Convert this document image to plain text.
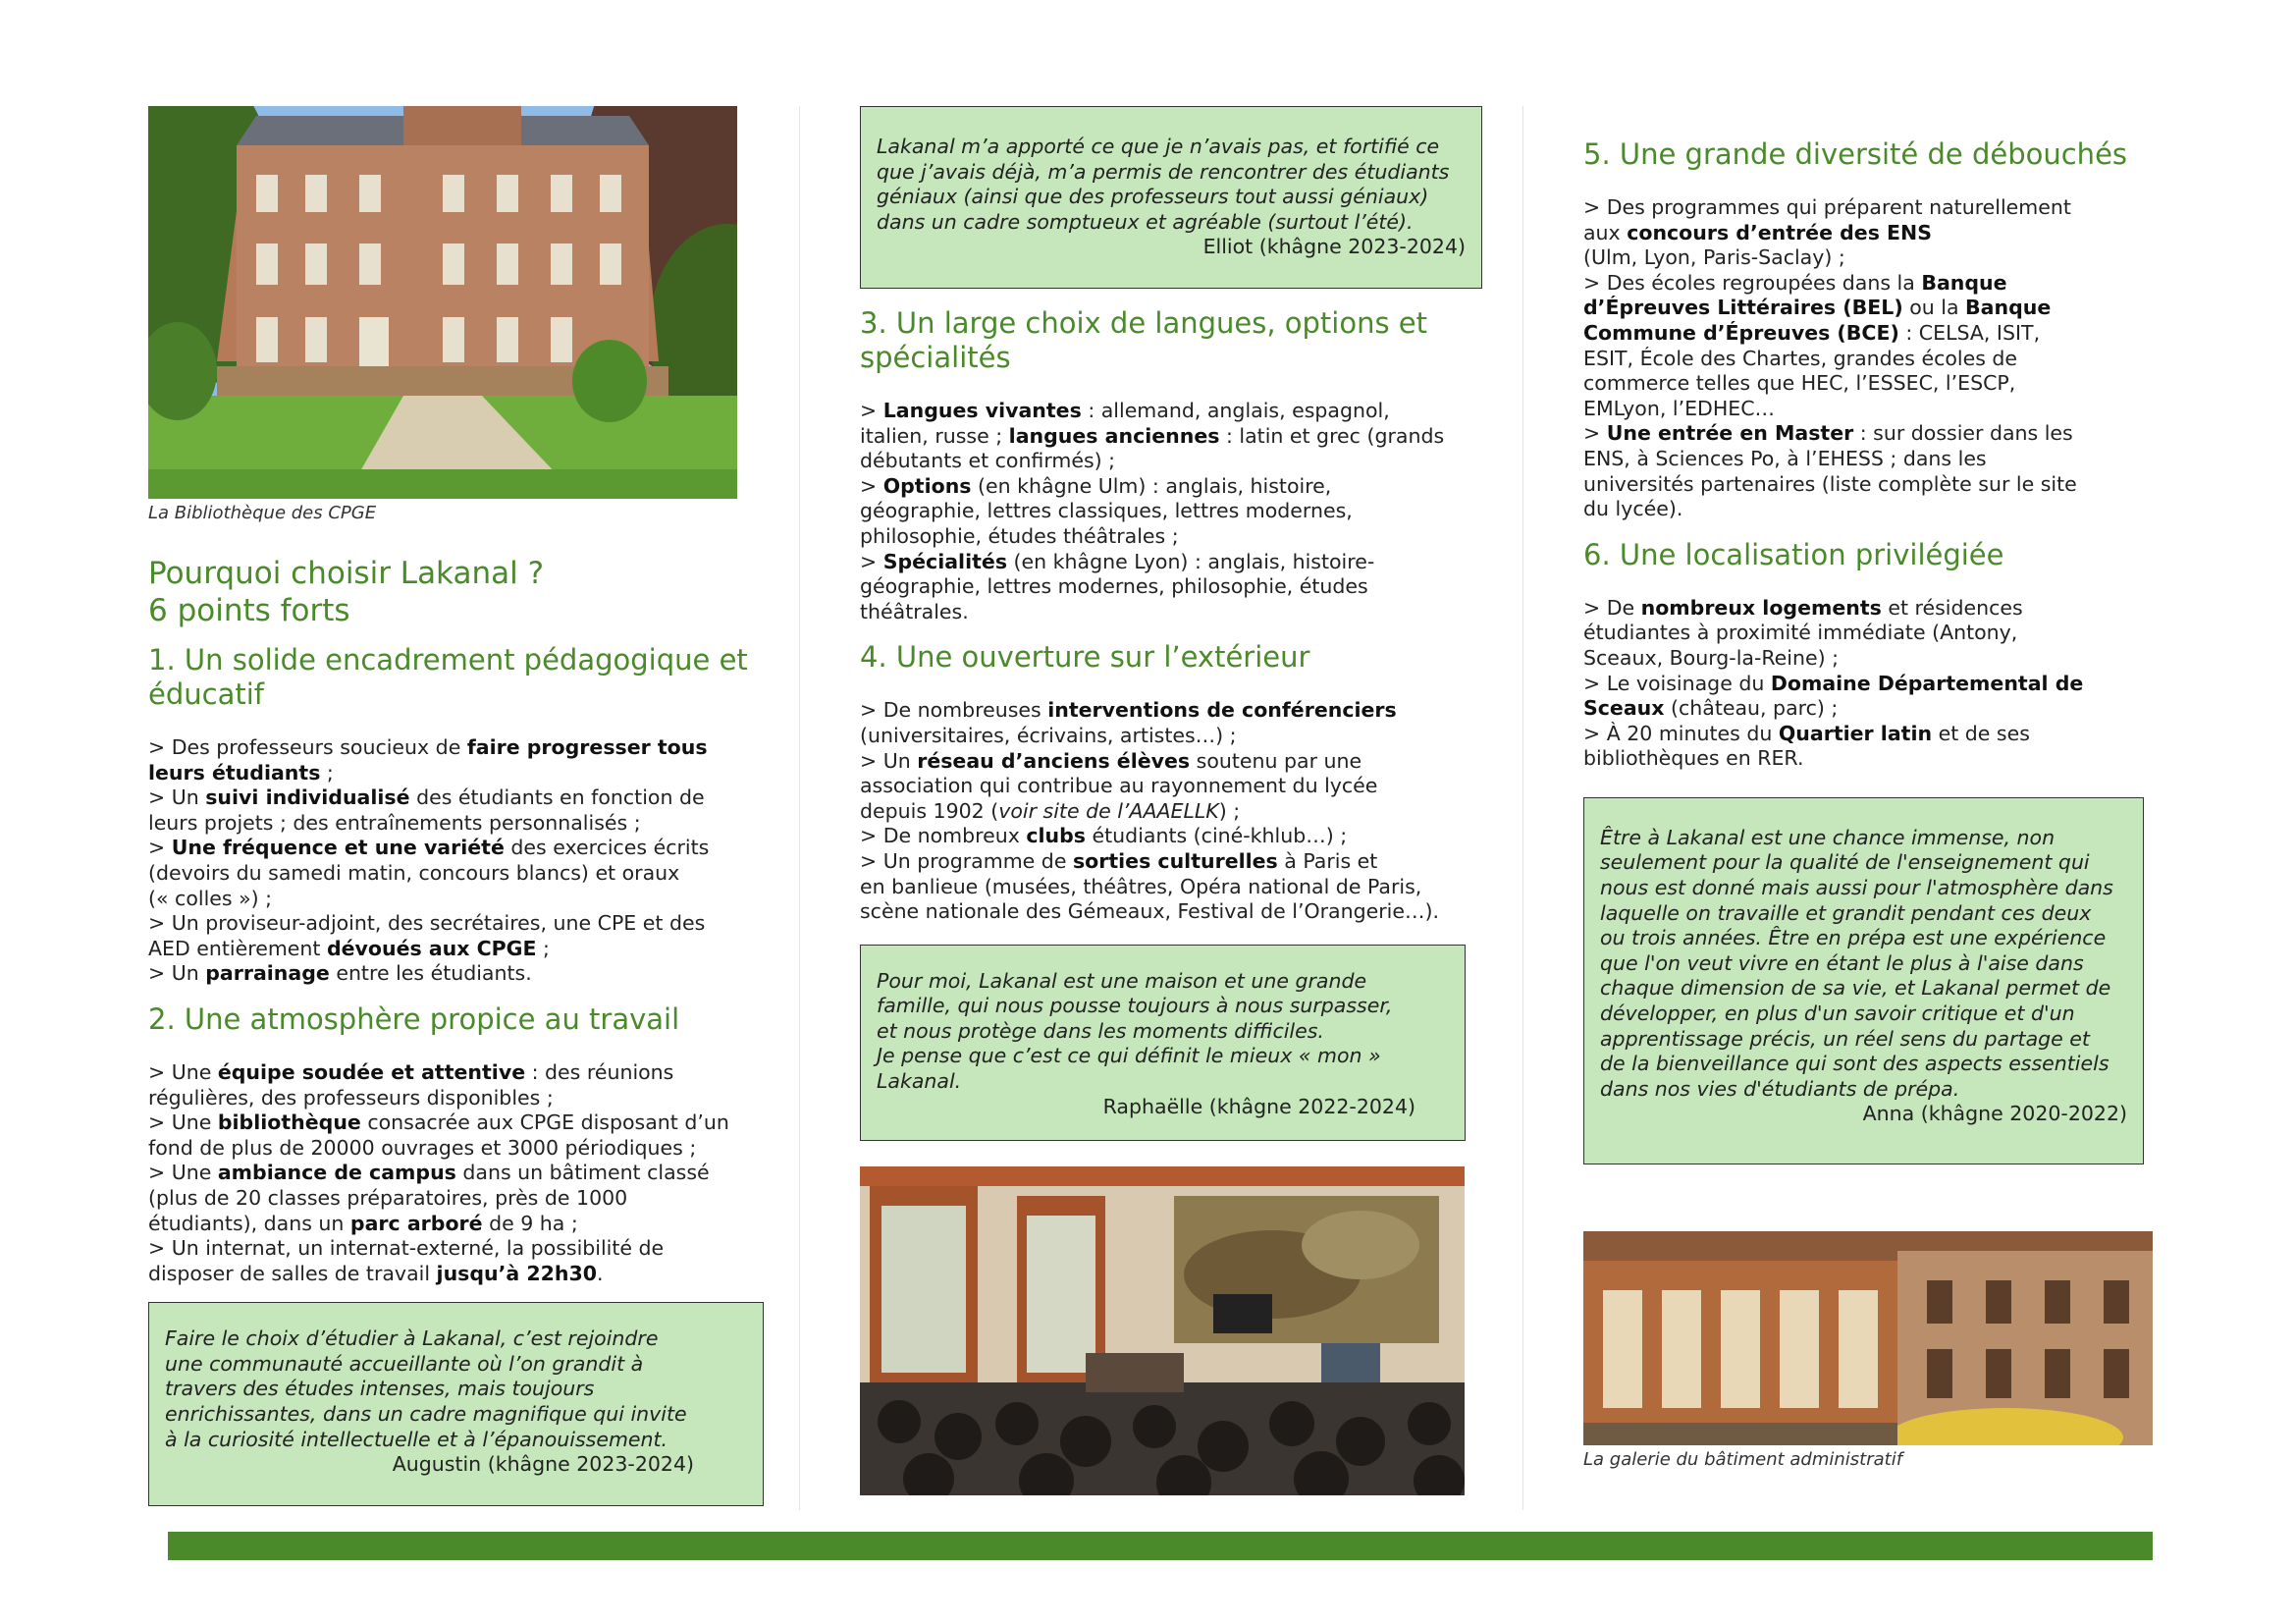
La Bibliothèque des CPGE

Pourquoi choisir Lakanal ?
6 points forts
1. Un solide encadrement pédagogique et
éducatif
> Des professeurs soucieux de faire progresser tous
leurs étudiants ;
> Un suivi individualisé des étudiants en fonction de
leurs projets ; des entraînements personnalisés ;
> Une fréquence et une variété des exercices écrits
(devoirs du samedi matin, concours blancs) et oraux
(« colles ») ;
> Un proviseur-adjoint, des secrétaires, une CPE et des
AED entièrement dévoués aux CPGE ;
> Un parrainage entre les étudiants.
2. Une atmosphère propice au travail
> Une équipe soudée et attentive : des réunions
régulières, des professeurs disponibles ;
> Une bibliothèque consacrée aux CPGE disposant d’un
fond de plus de 20000 ouvrages et 3000 périodiques ;
> Une ambiance de campus dans un bâtiment classé
(plus de 20 classes préparatoires, près de 1000
étudiants), dans un parc arboré de 9 ha ;
> Un internat, un internat-externé, la possibilité de
disposer de salles de travail jusqu’à 22h30.

Faire le choix d’étudier à Lakanal, c’est rejoindre
une communauté accueillante où l’on grandit à
travers des études intenses, mais toujours
enrichissantes, dans un cadre magnifique qui invite
à la curiosité intellectuelle et à l’épanouissement.

Augustin (khâgne 2023-2024)

Lakanal m’a apporté ce que je n’avais pas, et fortifié ce
que j’avais déjà, m’a permis de rencontrer des étudiants
géniaux (ainsi que des professeurs tout aussi géniaux)
dans un cadre somptueux et agréable (surtout l’été).

Elliot (khâgne 2023-2024)

3. Un large choix de langues, options et
spécialités
> Langues vivantes : allemand, anglais, espagnol,
italien, russe ; langues anciennes : latin et grec (grands
débutants et confirmés) ;
> Options (en khâgne Ulm) : anglais, histoire,
géographie, lettres classiques, lettres modernes,
philosophie, études théâtrales ;
> Spécialités (en khâgne Lyon) : anglais, histoire-
géographie, lettres modernes, philosophie, études
théâtrales.
4. Une ouverture sur l’extérieur
> De nombreuses interventions de conférenciers
(universitaires, écrivains, artistes…) ;
> Un réseau d’anciens élèves soutenu par une
association qui contribue au rayonnement du lycée
depuis 1902 (voir site de l’AAAELLK) ;
> De nombreux clubs étudiants (ciné-khlub…) ;
> Un programme de sorties culturelles à Paris et
en banlieue (musées, théâtres, Opéra national de Paris,
scène nationale des Gémeaux, Festival de l’Orangerie…).

Pour moi, Lakanal est une maison et une grande
famille, qui nous pousse toujours à nous surpasser,
et nous protège dans les moments difficiles.
Je pense que c’est ce qui définit le mieux « mon »
Lakanal.

Raphaëlle (khâgne 2022-2024)

5. Une grande diversité de débouchés
> Des programmes qui préparent naturellement
aux concours d’entrée des ENS
(Ulm, Lyon, Paris-Saclay) ;
> Des écoles regroupées dans la Banque
d’Épreuves Littéraires (BEL) ou la Banque
Commune d’Épreuves (BCE) : CELSA, ISIT,
ESIT, École des Chartes, grandes écoles de
commerce telles que HEC, l’ESSEC, l’ESCP,
EMLyon, l’EDHEC…
> Une entrée en Master : sur dossier dans les
ENS, à Sciences Po, à l’EHESS ; dans les
universités partenaires (liste complète sur le site
du lycée).
6. Une localisation privilégiée
> De nombreux logements et résidences
étudiantes à proximité immédiate (Antony,
Sceaux, Bourg-la-Reine) ;
> Le voisinage du Domaine Départemental de
Sceaux (château, parc) ;
> À 20 minutes du Quartier latin et de ses
bibliothèques en RER.

Être à Lakanal est une chance immense, non
seulement pour la qualité de l'enseignement qui
nous est donné mais aussi pour l'atmosphère dans
laquelle on travaille et grandit pendant ces deux
ou trois années. Être en prépa est une expérience
que l'on veut vivre en étant le plus à l'aise dans
chaque dimension de sa vie, et Lakanal permet de
développer, en plus d'un savoir critique et d'un
apprentissage précis, un réel sens du partage et
de la bienveillance qui sont des aspects essentiels
dans nos vies d'étudiants de prépa.

Anna (khâgne 2020-2022)

La galerie du bâtiment administratif
